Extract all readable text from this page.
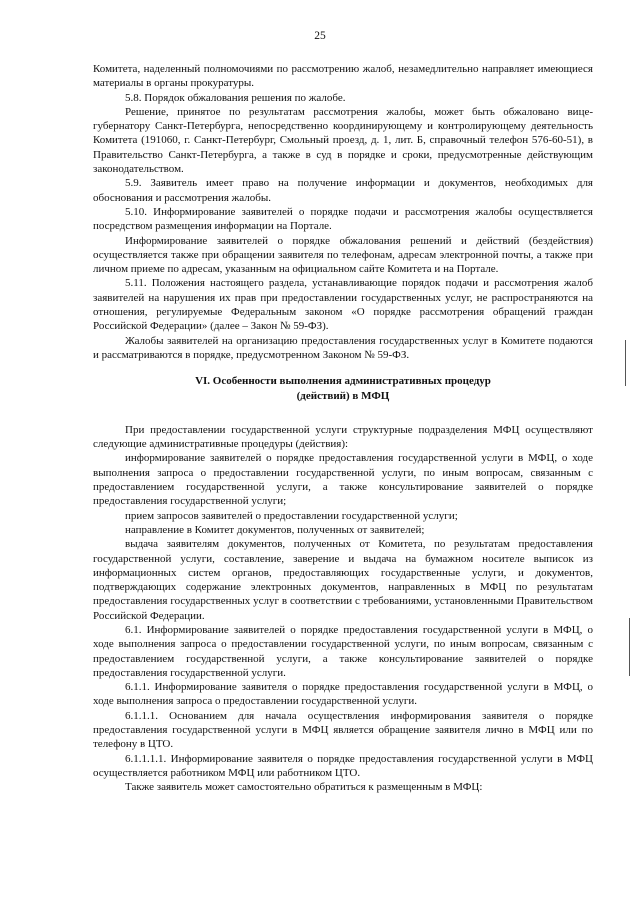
25

Комитета, наделенный полномочиями по рассмотрению жалоб, незамедлительно направляет имеющиеся материалы в органы прокуратуры.

5.8. Порядок обжалования решения по жалобе.

Решение, принятое по результатам рассмотрения жалобы, может быть обжаловано вице-губернатору Санкт-Петербурга, непосредственно координирующему и контролирующему деятельность Комитета (191060, г. Санкт-Петербург, Смольный проезд, д. 1, лит. Б, справочный телефон 576-60-51), в Правительство Санкт-Петербурга, а также в суд в порядке и сроки, предусмотренные действующим законодательством.

5.9. Заявитель имеет право на получение информации и документов, необходимых для обоснования и рассмотрения жалобы.

5.10. Информирование заявителей о порядке подачи и рассмотрения жалобы осуществляется посредством размещения информации на Портале.

Информирование заявителей о порядке обжалования решений и действий (бездействия) осуществляется также при обращении заявителя по телефонам, адресам электронной почты, а также при личном приеме по адресам, указанным на официальном сайте Комитета и на Портале.

5.11. Положения настоящего раздела, устанавливающие порядок подачи и рассмотрения жалоб заявителей на нарушения их прав при предоставлении государственных услуг, не распространяются на отношения, регулируемые Федеральным законом «О порядке рассмотрения обращений граждан Российской Федерации» (далее – Закон № 59-ФЗ).

Жалобы заявителей на организацию предоставления государственных услуг в Комитете подаются и рассматриваются в порядке, предусмотренном Законом № 59-ФЗ.

VI. Особенности выполнения административных процедур
(действий) в МФЦ

При предоставлении государственной услуги структурные подразделения МФЦ осуществляют следующие административные процедуры (действия):

информирование заявителей о порядке предоставления государственной услуги в МФЦ, о ходе выполнения запроса о предоставлении государственной услуги, по иным вопросам, связанным с предоставлением государственной услуги, а также консультирование заявителей о порядке предоставления государственной услуги;

прием запросов заявителей о предоставлении государственной услуги;

направление в Комитет документов, полученных от заявителей;

выдача заявителям документов, полученных от Комитета, по результатам предоставления государственной услуги, составление, заверение и выдача на бумажном носителе выписок из информационных систем органов, предоставляющих государственные услуги, и документов, подтверждающих содержание электронных документов, направленных в МФЦ по результатам предоставления государственных услуг в соответствии с требованиями, установленными Правительством Российской Федерации.

6.1. Информирование заявителей о порядке предоставления государственной услуги в МФЦ, о ходе выполнения запроса о предоставлении государственной услуги, по иным вопросам, связанным с предоставлением государственной услуги, а также консультирование заявителей о порядке предоставления государственной услуги.

6.1.1. Информирование заявителя о порядке предоставления государственной услуги в МФЦ, о ходе выполнения запроса о предоставлении государственной услуги.

6.1.1.1. Основанием для начала осуществления информирования заявителя о порядке предоставления государственной услуги в МФЦ является обращение заявителя лично в МФЦ или по телефону в ЦТО.

6.1.1.1.1. Информирование заявителя о порядке предоставления государственной услуги в МФЦ осуществляется работником МФЦ или работником ЦТО.

Также заявитель может самостоятельно обратиться к размещенным в МФЦ:
